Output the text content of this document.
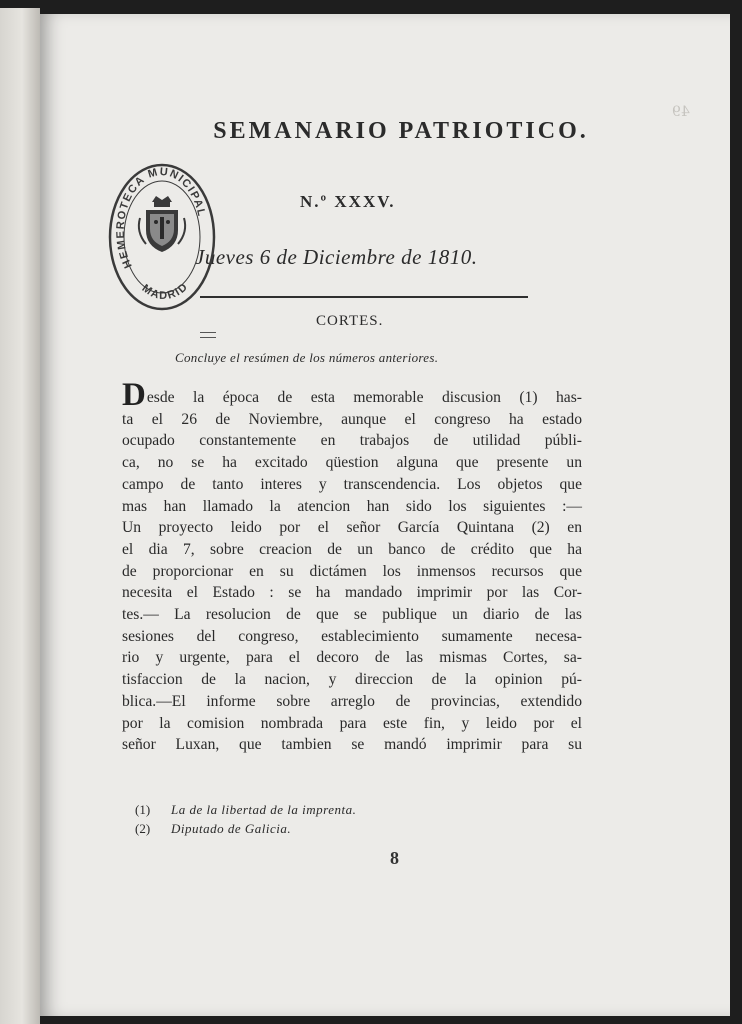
49
SEMANARIO PATRIOTICO.
N.º XXXV.
Jueves 6 de Diciembre de 1810.
HEMEROTECA MUNICIPAL
MADRID
CORTES.
Concluye el resúmen de los números anteriores.
Desde la época de esta memorable discusion (1) has-
ta el 26 de Noviembre, aunque el congreso ha estado
ocupado constantemente en trabajos de utilidad públi-
ca, no se ha excitado qüestion alguna que presente un
campo de tanto interes y transcendencia. Los objetos que
mas han llamado la atencion han sido los siguientes :—
Un proyecto leido por el señor García Quintana (2) en
el dia 7, sobre creacion de un banco de crédito que ha
de proporcionar en su dictámen los inmensos recursos que
necesita el Estado : se ha mandado imprimir por las Cor-
tes.— La resolucion de que se publique un diario de las
sesiones del congreso, establecimiento sumamente necesa-
rio y urgente, para el decoro de las mismas Cortes, sa-
tisfaccion de la nacion, y direccion de la opinion pú-
blica.—El informe sobre arreglo de provincias, extendido
por la comision nombrada para este fin, y leido por el
señor Luxan, que tambien se mandó imprimir para su
(1) La de la libertad de la imprenta.
(2) Diputado de Galicia.
8
